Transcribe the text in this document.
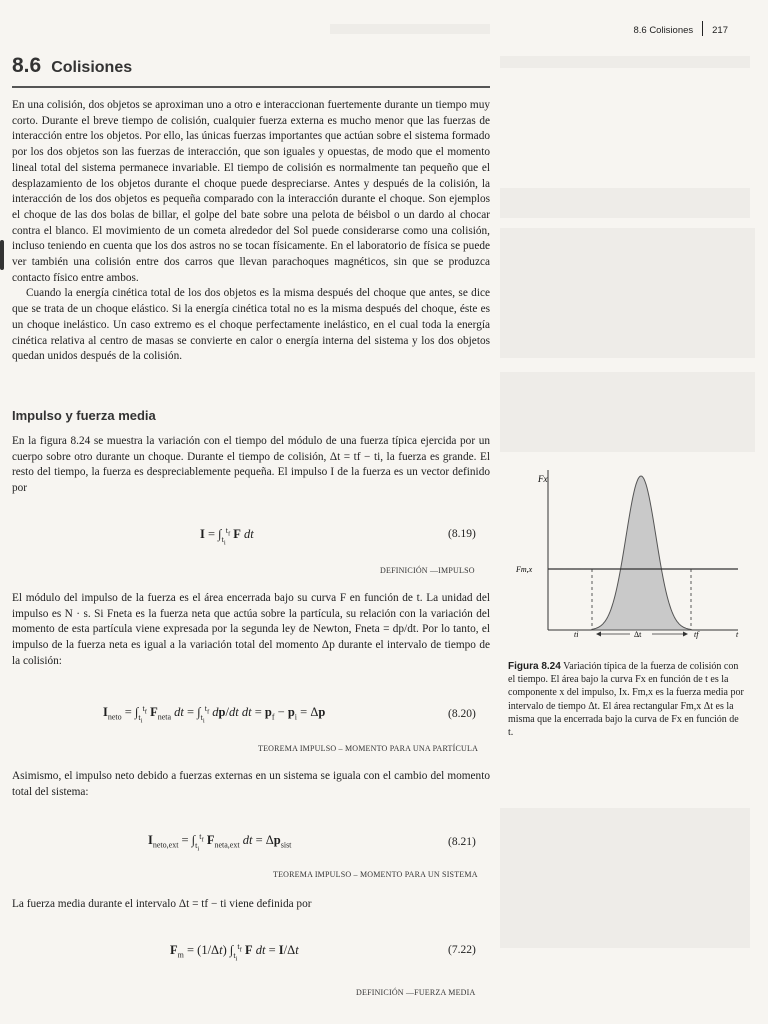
8.6 Colisiones 217
8.6 Colisiones

En una colisión, dos objetos se aproximan uno a otro e interaccionan fuertemente durante un tiempo muy corto. Durante el breve tiempo de colisión, cualquier fuerza externa es mucho menor que las fuerzas de interacción entre los objetos. Por ello, las únicas fuerzas importantes que actúan sobre el sistema formado por los dos objetos son las fuerzas de interacción, que son iguales y opuestas, de modo que el momento lineal total del sistema permanece invariable. El tiempo de colisión es normalmente tan pequeño que el desplazamiento de los objetos durante el choque puede despreciarse. Antes y después de la colisión, la interacción de los dos objetos es pequeña comparado con la interacción durante el choque. Son ejemplos el choque de las dos bolas de billar, el golpe del bate sobre una pelota de béisbol o un dardo al chocar contra el blanco. El movimiento de un cometa alrededor del Sol puede considerarse como una colisión, incluso teniendo en cuenta que los dos astros no se tocan físicamente. En el laboratorio de física se puede ver también una colisión entre dos carros que llevan parachoques magnéticos, sin que se produzca contacto físico entre ambos.

Cuando la energía cinética total de los dos objetos es la misma después del choque que antes, se dice que se trata de un choque elástico. Si la energía cinética total no es la misma después del choque, éste es un choque inelástico. Un caso extremo es el choque perfectamente inelástico, en el cual toda la energía cinética relativa al centro de masas se convierte en calor o energía interna del sistema y los dos objetos quedan unidos después de la colisión.

Impulso y fuerza media
En la figura 8.24 se muestra la variación con el tiempo del módulo de una fuerza típica ejercida por un cuerpo sobre otro durante un choque. Durante el tiempo de colisión, Δt = tf − ti, la fuerza es grande. El resto del tiempo, la fuerza es despreciablemente pequeña. El impulso I de la fuerza es un vector definido por
$I = \int_{t_i}^{t_f}$ F dt	(8.19)
DEFINICIÓN —IMPULSO
El módulo del impulso de la fuerza es el área encerrada bajo su curva F en función de t. La unidad del impulso es N · s. Si Fneta es la fuerza neta que actúa sobre la partícula, su relación con la variación del momento de esta partícula viene expresada por la segunda ley de Newton, Fneta = dp/dt. Por lo tanto, el impulso de la fuerza neta es igual a la variación total del momento Δp durante el intervalo de tiempo de la colisión:
$I_{neto} = \int_{t_i}^{t_f}$ $F_{neta}$ dt = $\int_{t_i}^{t_f}$ dp/dt dt = $p_f - p_i = \Delta p$	(8.20)
TEOREMA IMPULSO – MOMENTO PARA UNA PARTÍCULA
Asimismo, el impulso neto debido a fuerzas externas en un sistema se iguala con el cambio del momento total del sistema:
$I_{neto,ext} = \int_{t_i}^{t_f}$ $F_{neta,ext}$ dt = $\Delta p_{sist}$	(8.21)
TEOREMA IMPULSO – MOMENTO PARA UN SISTEMA
La fuerza media durante el intervalo Δt = tf − ti viene definida por
$F_m = (1/\Delta t)$ $\int_{t_i}^{t_f}$ F dt = I/Δt	(7.22)
DEFINICIÓN —FUERZA MEDIA
Fx
Fm,x
ti	tf
Δt	t
Figura 8.24 Variación típica de la fuerza de colisión con el tiempo. El área bajo la curva Fx en función de t es la componente x del impulso, Ix. Fm,x es la fuerza media por intervalo de tiempo Δt. El área rectangular Fm,x Δt es la misma que la encerrada bajo la curva de Fx en función de t.
